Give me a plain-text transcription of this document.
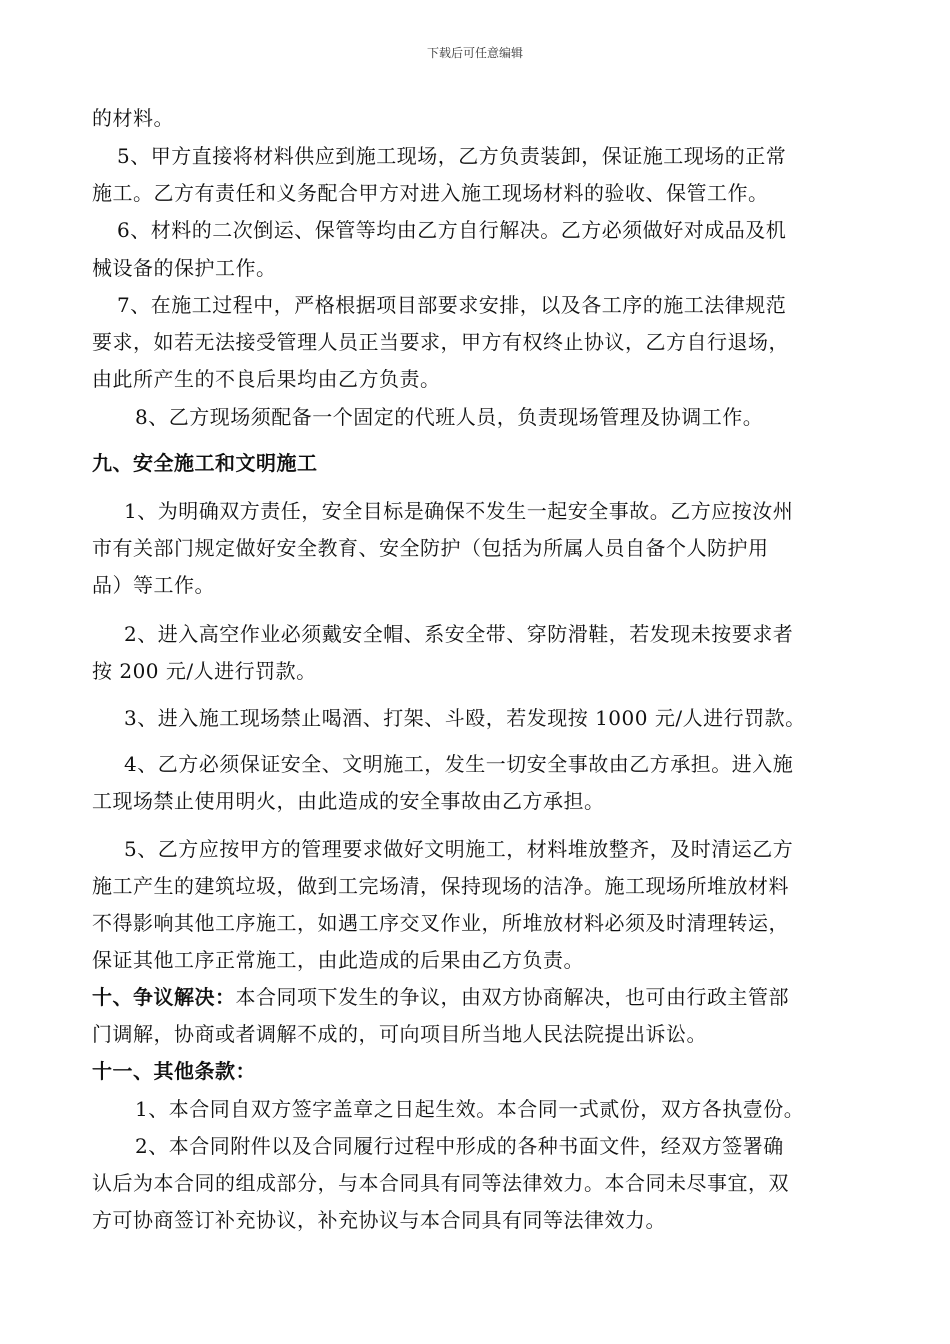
下载后可任意编辑
的材料。
5、甲方直接将材料供应到施工现场，乙方负责装卸，保证施工现场的正常
施工。乙方有责任和义务配合甲方对进入施工现场材料的验收、保管工作。
6、材料的二次倒运、保管等均由乙方自行解决。乙方必须做好对成品及机
械设备的保护工作。
7、在施工过程中，严格根据项目部要求安排，以及各工序的施工法律规范
要求，如若无法接受管理人员正当要求，甲方有权终止协议，乙方自行退场，
由此所产生的不良后果均由乙方负责。
8、乙方现场须配备一个固定的代班人员，负责现场管理及协调工作。
九、安全施工和文明施工
1、为明确双方责任，安全目标是确保不发生一起安全事故。乙方应按汝州
市有关部门规定做好安全教育、安全防护（包括为所属人员自备个人防护用
品）等工作。
2、进入高空作业必须戴安全帽、系安全带、穿防滑鞋，若发现未按要求者
按 200 元/人进行罚款。
3、进入施工现场禁止喝酒、打架、斗殴，若发现按 1000 元/人进行罚款。
4、乙方必须保证安全、文明施工，发生一切安全事故由乙方承担。进入施
工现场禁止使用明火，由此造成的安全事故由乙方承担。
5、乙方应按甲方的管理要求做好文明施工，材料堆放整齐，及时清运乙方
施工产生的建筑垃圾，做到工完场清，保持现场的洁净。施工现场所堆放材料
不得影响其他工序施工，如遇工序交叉作业，所堆放材料必须及时清理转运，
保证其他工序正常施工，由此造成的后果由乙方负责。
十、争议解决：本合同项下发生的争议，由双方协商解决，也可由行政主管部
门调解，协商或者调解不成的，可向项目所当地人民法院提出诉讼。
十一、其他条款：
1、本合同自双方签字盖章之日起生效。本合同一式贰份，双方各执壹份。
2、本合同附件以及合同履行过程中形成的各种书面文件，经双方签署确
认后为本合同的组成部分，与本合同具有同等法律效力。本合同未尽事宜，双
方可协商签订补充协议，补充协议与本合同具有同等法律效力。
